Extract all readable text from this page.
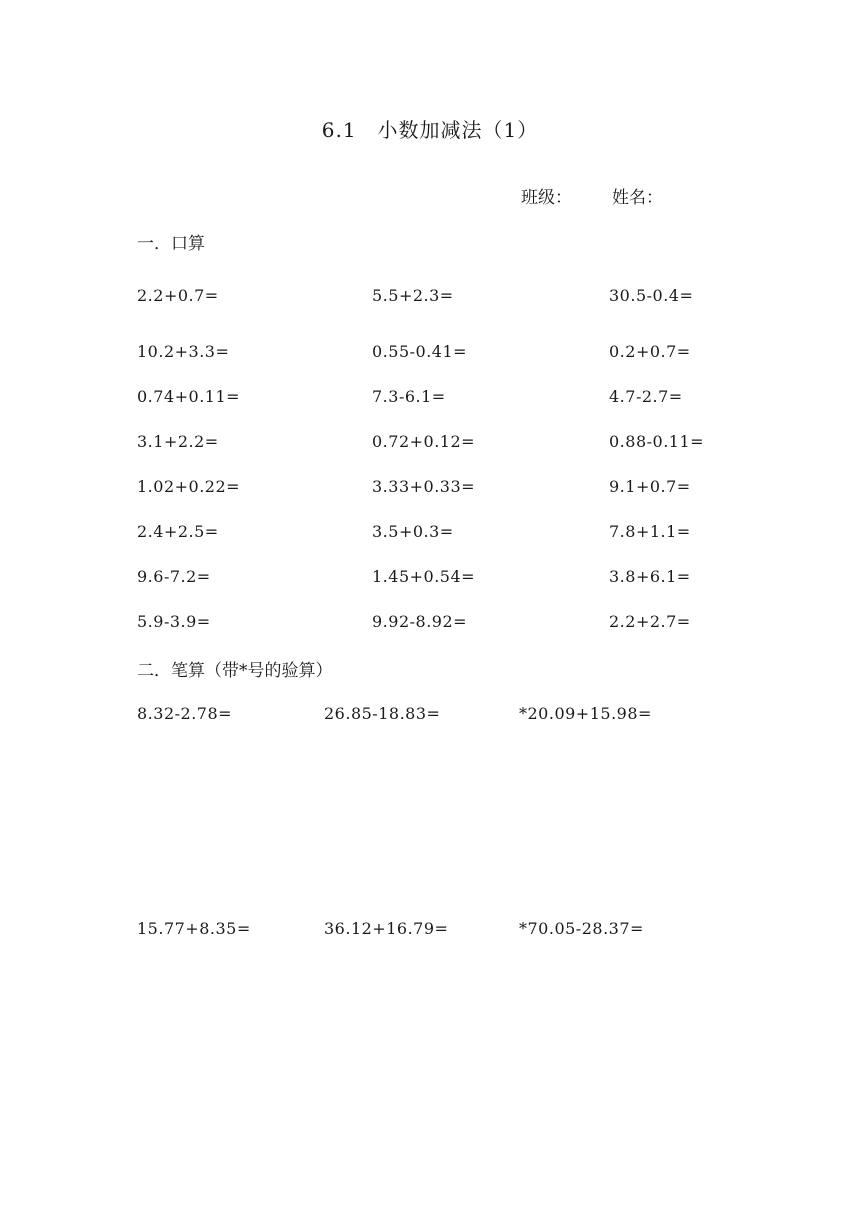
6.1　小数加减法（1）
班级： 姓名：
一．口算
2.2+0.7=	5.5+2.3=	30.5-0.4=
10.2+3.3=	0.55-0.41=	0.2+0.7=
0.74+0.11=	7.3-6.1=	4.7-2.7=
3.1+2.2=	0.72+0.12=	0.88-0.11=
1.02+0.22=	3.33+0.33=	9.1+0.7=
2.4+2.5=	3.5+0.3=	7.8+1.1=
9.6-7.2=	1.45+0.54=	3.8+6.1=
5.9-3.9=	9.92-8.92=	2.2+2.7=
二．笔算（带*号的验算）
8.32-2.78=	26.85-18.83=	*20.09+15.98=
15.77+8.35=	36.12+16.79=	*70.05-28.37=
